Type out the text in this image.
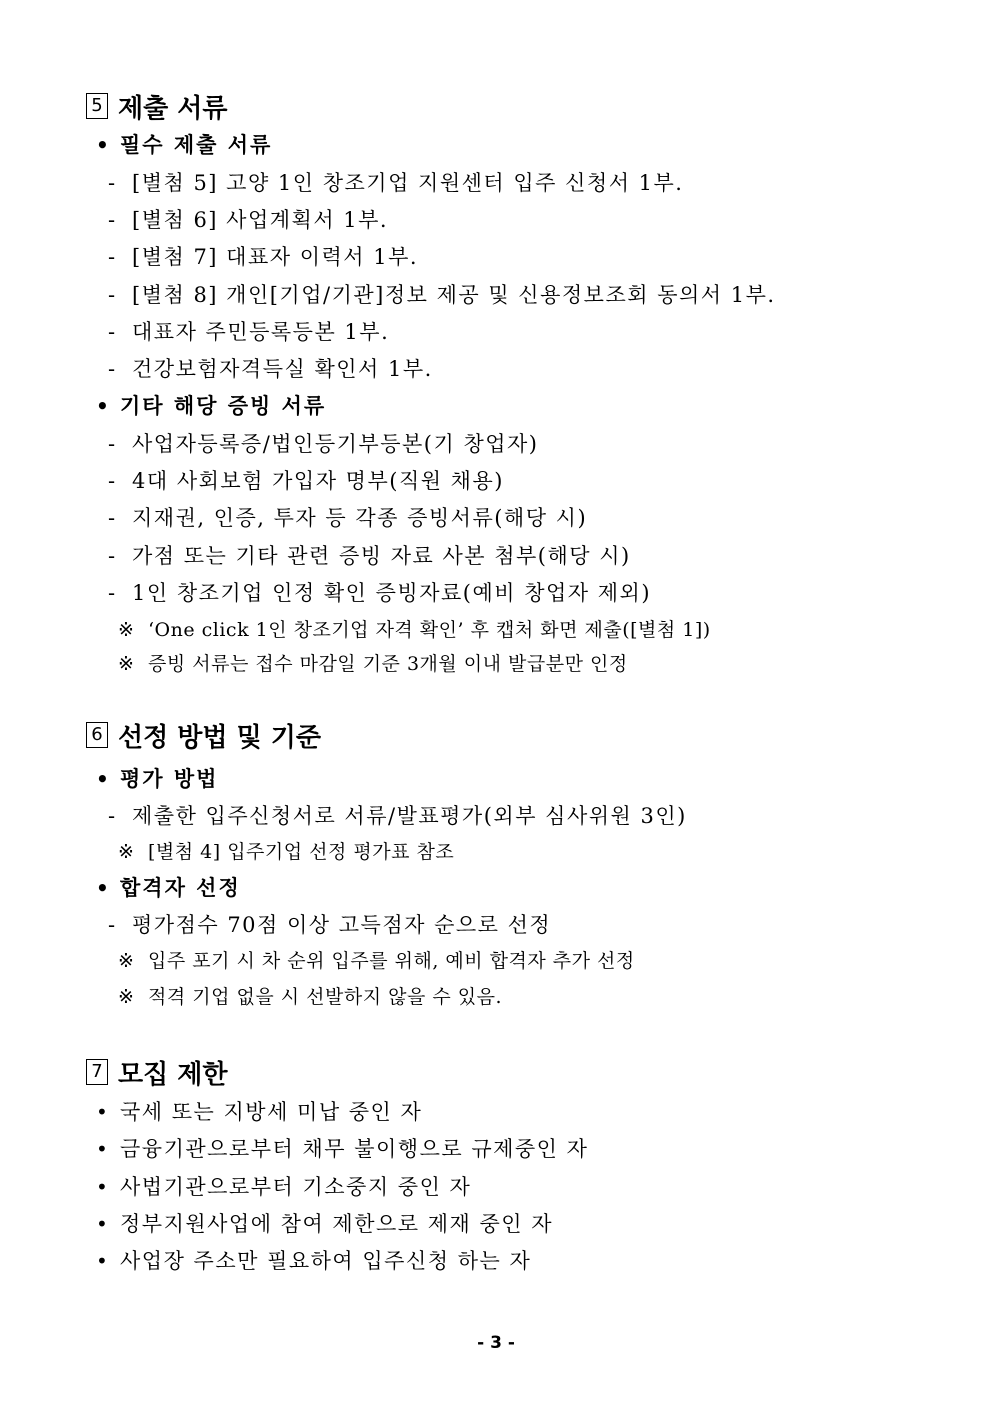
5 제출 서류
• 필수 제출 서류
- [별첨 5] 고양 1인 창조기업 지원센터 입주 신청서 1부.
- [별첨 6] 사업계획서 1부.
- [별첨 7] 대표자 이력서 1부.
- [별첨 8] 개인[기업/기관]정보 제공 및 신용정보조회 동의서 1부.
- 대표자 주민등록등본 1부.
- 건강보험자격득실 확인서 1부.
• 기타 해당 증빙 서류
- 사업자등록증/법인등기부등본(기 창업자)
- 4대 사회보험 가입자 명부(직원 채용)
- 지재권, 인증, 투자 등 각종 증빙서류(해당 시)
- 가점 또는 기타 관련 증빙 자료 사본 첨부(해당 시)
- 1인 창조기업 인정 확인 증빙자료(예비 창업자 제외)
※ ‘One click 1인 창조기업 자격 확인’ 후 캡처 화면 제출([별첨 1])
※ 증빙 서류는 접수 마감일 기준 3개월 이내 발급분만 인정
6 선정 방법 및 기준
• 평가 방법
- 제출한 입주신청서로 서류/발표평가(외부 심사위원 3인)
※ [별첨 4] 입주기업 선정 평가표 참조
• 합격자 선정
- 평가점수 70점 이상 고득점자 순으로 선정
※ 입주 포기 시 차 순위 입주를 위해, 예비 합격자 추가 선정
※ 적격 기업 없을 시 선발하지 않을 수 있음.
7 모집 제한
• 국세 또는 지방세 미납 중인 자
• 금융기관으로부터 채무 불이행으로 규제중인 자
• 사법기관으로부터 기소중지 중인 자
• 정부지원사업에 참여 제한으로 제재 중인 자
• 사업장 주소만 필요하여 입주신청 하는 자
- 3 -
